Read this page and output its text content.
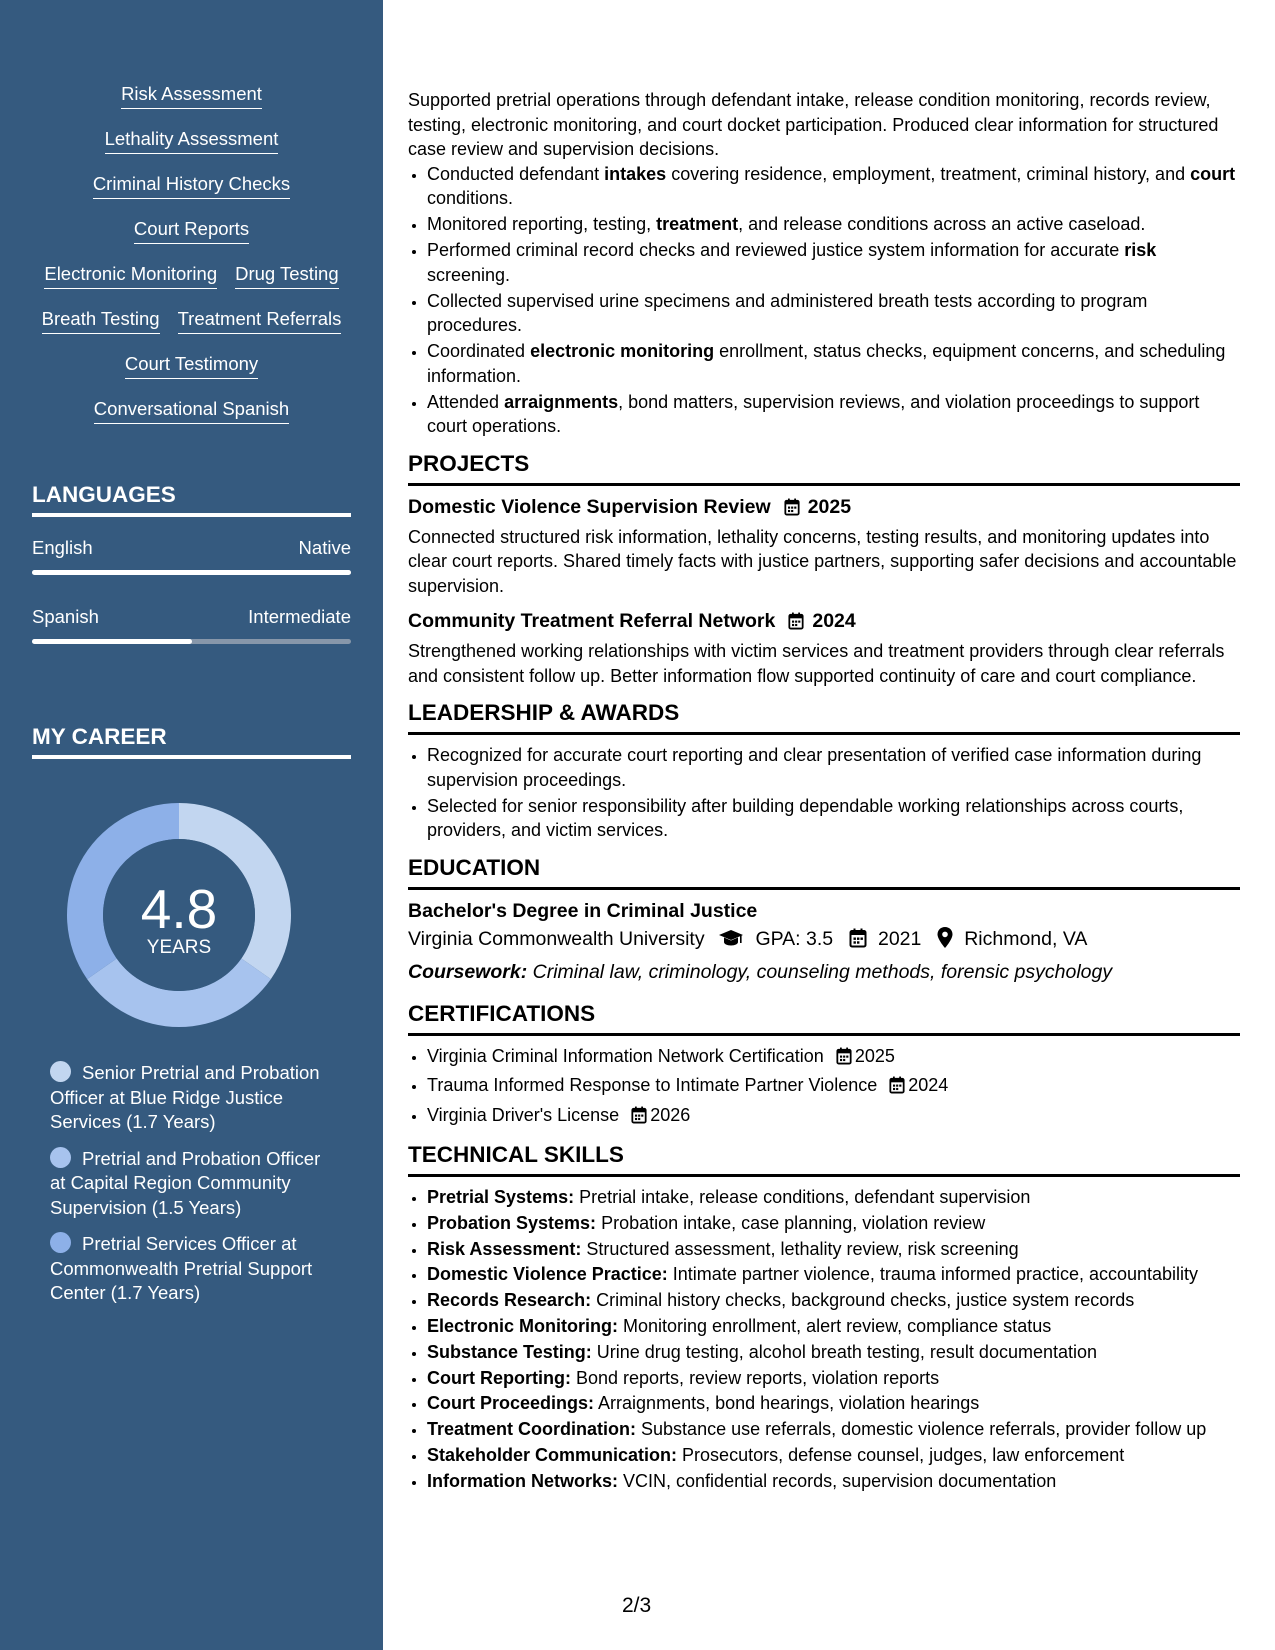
Risk Assessment
Lethality Assessment
Criminal History Checks
Court Reports
Electronic Monitoring Drug Testing
Breath Testing Treatment Referrals
Court Testimony
Conversational Spanish
LANGUAGES
English	Native
Spanish	Intermediate
MY CAREER
4.8
YEARS
Senior Pretrial and Probation Officer at Blue Ridge Justice Services (1.7 Years)
Pretrial and Probation Officer at Capital Region Community Supervision (1.5 Years)
Pretrial Services Officer at Commonwealth Pretrial Support Center (1.7 Years)
Supported pretrial operations through defendant intake, release condition monitoring, records review, testing, electronic monitoring, and court docket participation. Produced clear information for structured case review and supervision decisions.
• Conducted defendant intakes covering residence, employment, treatment, criminal history, and court conditions.
• Monitored reporting, testing, treatment, and release conditions across an active caseload.
• Performed criminal record checks and reviewed justice system information for accurate risk screening.
• Collected supervised urine specimens and administered breath tests according to program procedures.
• Coordinated electronic monitoring enrollment, status checks, equipment concerns, and scheduling information.
• Attended arraignments, bond matters, supervision reviews, and violation proceedings to support court operations.
PROJECTS
Domestic Violence Supervision Review 2025
Connected structured risk information, lethality concerns, testing results, and monitoring updates into clear court reports. Shared timely facts with justice partners, supporting safer decisions and accountable supervision.
Community Treatment Referral Network 2024
Strengthened working relationships with victim services and treatment providers through clear referrals and consistent follow up. Better information flow supported continuity of care and court compliance.
LEADERSHIP & AWARDS
• Recognized for accurate court reporting and clear presentation of verified case information during supervision proceedings.
• Selected for senior responsibility after building dependable working relationships across courts, providers, and victim services.
EDUCATION
Bachelor's Degree in Criminal Justice
Virginia Commonwealth University	GPA: 3.5 2021 Richmond, VA
Coursework: Criminal law, criminology, counseling methods, forensic psychology
CERTIFICATIONS
• Virginia Criminal Information Network Certification 2025
• Trauma Informed Response to Intimate Partner Violence 2024
• Virginia Driver's License 2026
TECHNICAL SKILLS
• Pretrial Systems: Pretrial intake, release conditions, defendant supervision
• Probation Systems: Probation intake, case planning, violation review
• Risk Assessment: Structured assessment, lethality review, risk screening
• Domestic Violence Practice: Intimate partner violence, trauma informed practice, accountability
• Records Research: Criminal history checks, background checks, justice system records
• Electronic Monitoring: Monitoring enrollment, alert review, compliance status
• Substance Testing: Urine drug testing, alcohol breath testing, result documentation
• Court Reporting: Bond reports, review reports, violation reports
• Court Proceedings: Arraignments, bond hearings, violation hearings
• Treatment Coordination: Substance use referrals, domestic violence referrals, provider follow up
• Stakeholder Communication: Prosecutors, defense counsel, judges, law enforcement
• Information Networks: VCIN, confidential records, supervision documentation
2/3
